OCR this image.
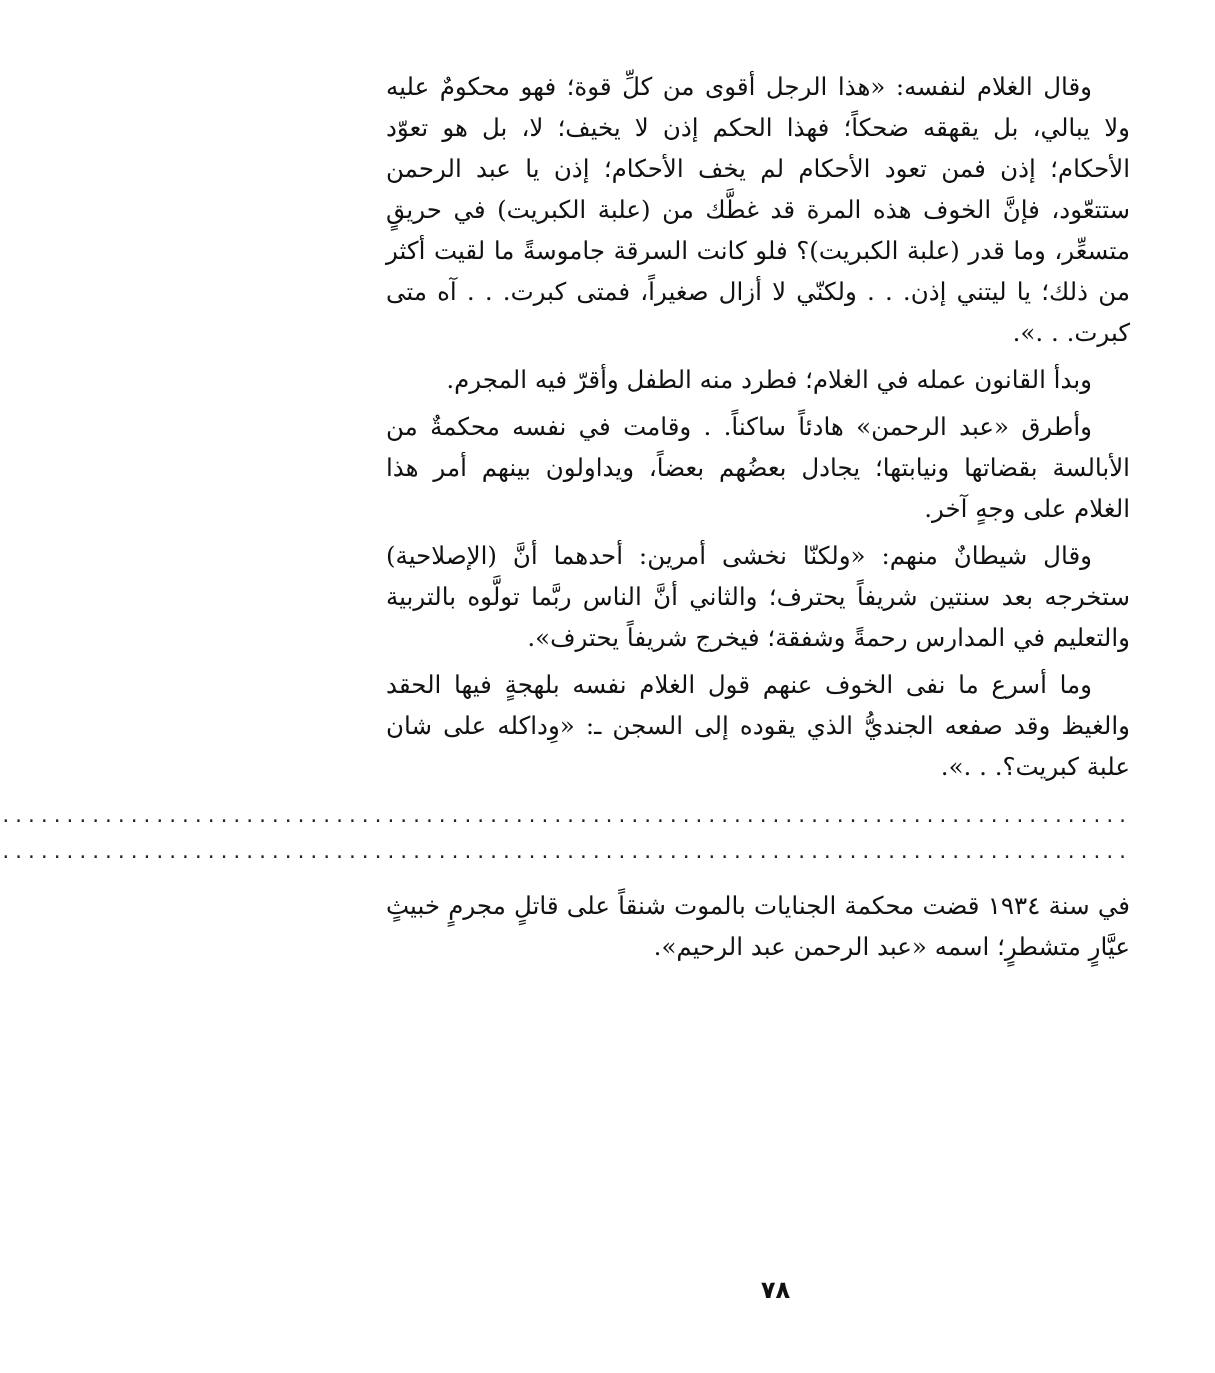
وقال الغلام لنفسه: «هذا الرجل أقوى من كلِّ قوة؛ فهو محكومٌ عليه ولا يبالي، بل يقهقه ضحكاً؛ فهذا الحكم إذن لا يخيف؛ لا، بل هو تعوّد الأحكام؛ إذن فمن تعود الأحكام لم يخف الأحكام؛ إذن يا عبد الرحمن ستتعّود، فإنَّ الخوف هذه المرة قد غطَّك من (علبة الكبريت) في حريقٍ متسعِّر، وما قدر (علبة الكبريت)؟ فلو كانت السرقة جاموسةً ما لقيت أكثر من ذلك؛ يا ليتني إذن. . . ولكنّي لا أزال صغيراً، فمتى كبرت. . . آه متى كبرت. . .».

وبدأ القانون عمله في الغلام؛ فطرد منه الطفل وأقرّ فيه المجرم.

وأطرق «عبد الرحمن» هادئاً ساكناً. . وقامت في نفسه محكمةٌ من الأبالسة بقضاتها ونيابتها؛ يجادل بعضُهم بعضاً، ويداولون بينهم أمر هذا الغلام على وجهٍ آخر.

وقال شيطانٌ منهم: «ولكنّا نخشى أمرين: أحدهما أنَّ (الإصلاحية) ستخرجه بعد سنتين شريفاً يحترف؛ والثاني أنَّ الناس ربَّما تولَّوه بالتربية والتعليم في المدارس رحمةً وشفقة؛ فيخرج شريفاً يحترف».

وما أسرع ما نفى الخوف عنهم قول الغلام نفسه بلهجةٍ فيها الحقد والغيظ وقد صفعه الجنديُّ الذي يقوده إلى السجن ـ: «وِداكله على شان علبة كبريت؟. . .».

........................................................................................
........................................................................................

في سنة ١٩٣٤ قضت محكمة الجنايات بالموت شنقاً على قاتلٍ مجرمٍ خبيثٍ عيَّارٍ متشطرٍ؛ اسمه «عبد الرحمن عبد الرحيم».

٧٨
